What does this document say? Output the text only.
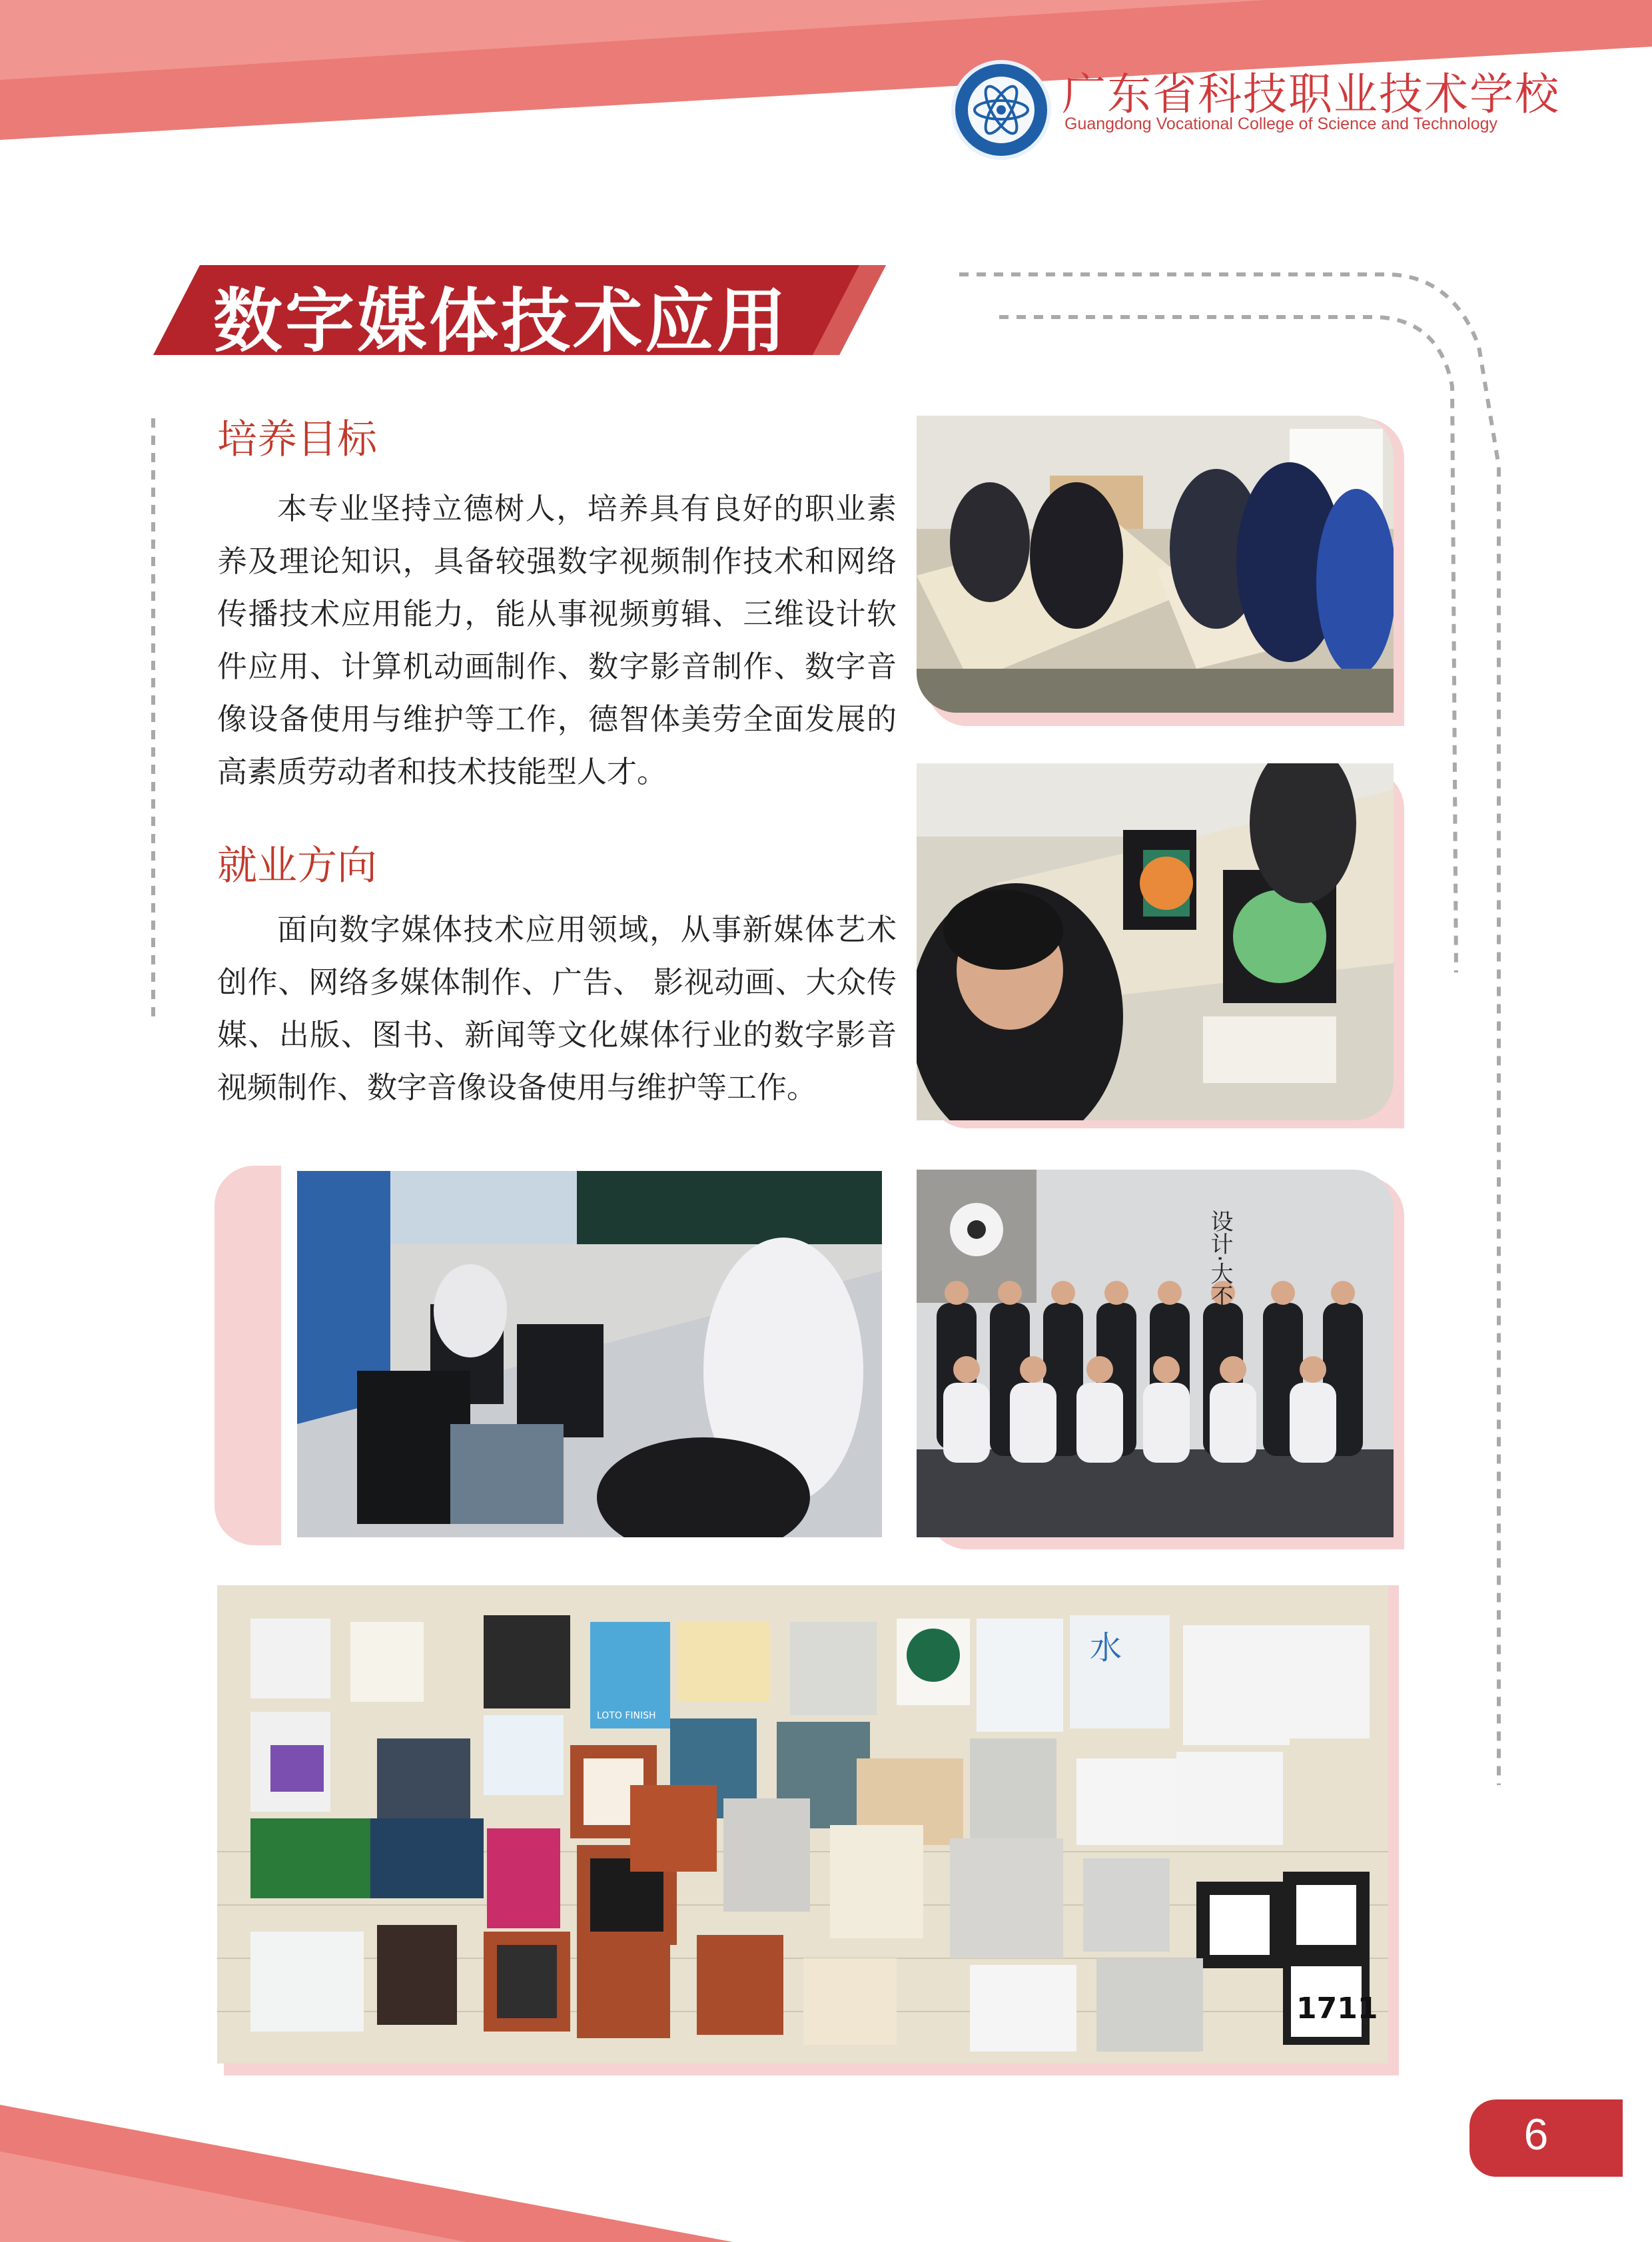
广东省科技职业技术学校
Guangdong Vocational College of Science and Technology
数字媒体技术应用
培养目标
本专业坚持立德树人，培养具有良好的职业素养及理论知识，具备较强数字视频制作技术和网络传播技术应用能力，能从事视频剪辑、三维设计软件应用、计算机动画制作、数字影音制作、数字音像设备使用与维护等工作，德智体美劳全面发展的高素质劳动者和技术技能型人才。
就业方向
面向数字媒体技术应用领域，从事新媒体艺术创作、网络多媒体制作、广告、 影视动画、大众传媒、出版、图书、新闻等文化媒体行业的数字影音视频制作、数字音像设备使用与维护等工作。
设计·大不
LOTO FINISH
水
1711
6
